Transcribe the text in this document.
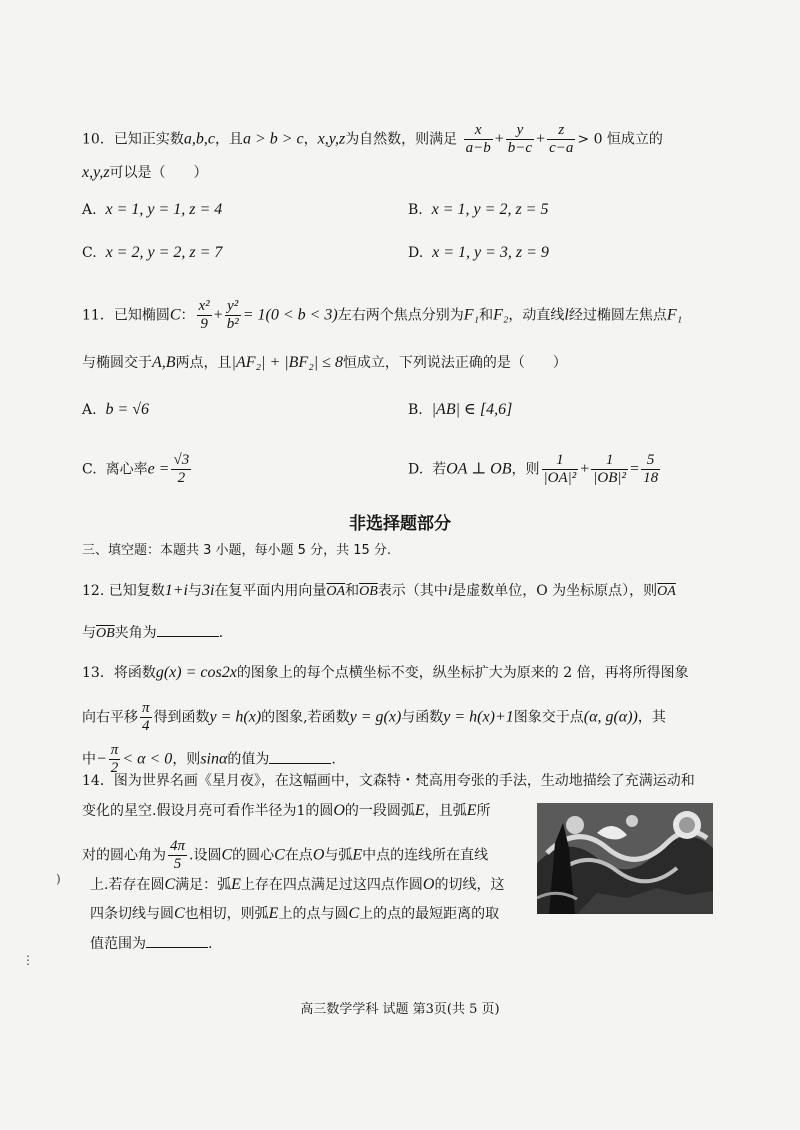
10．已知正实数a,b,c，且a > b > c，x,y,z为自然数，则满足 $\frac{x}{a-b} + \frac{y}{b-c} + \frac{z}{c-a} > 0$ 恒成立的
x,y,z可以是（　　）
A. x = 1, y = 1, z = 4	B. x = 1, y = 2, z = 5
C. x = 2, y = 2, z = 7	D. x = 1, y = 3, z = 9
11．已知椭圆C： $\frac{\text{x²}}{9} + \frac{\text{y²}}{\text{b²}} = 1(0 < b < 3)$左右两个焦点分别为F₁和F₂，动直线l经过椭圆左焦点F₁
与椭圆交于A,B两点，且|AF₂| + |BF₂| ≤ 8恒成立，下列说法正确的是（　　）
A. b = √6	B. |AB| ∈ [4,6]
C. 离心率$e = \frac{√3}{2}$	D. 若OA ⊥ OB，则 $\frac{1}{\text{|OA|²}} + \frac{1}{\text{|OB|²}} = \frac{5}{18}$
非选择题部分
三、填空题：本题共 3 小题，每小题 5 分，共 15 分.
12. 已知复数1+i与3i在复平面内用向量$\overline{OA}$和$\overline{OB}$表示（其中i是虚数单位，O 为坐标原点），则$\overline{OA}$
与$\overline{OB}$夹角为	.
13．将函数g(x) = cos2x的图象上的每个点横坐标不变，纵坐标扩大为原来的 2 倍，再将所得图象
向右平移 $\frac{\pi}{4}$ 得到函数y = h(x)的图象,若函数y = g(x)与函数y = h(x)+1图象交于点(α, g(α))，其
中− $\frac{\pi}{2} < \alpha < 0$，则sinα的值为	.
14．图为世界名画《星月夜》，在这幅画中，文森特・梵高用夸张的手法，生动地描绘了充满运动和
变化的星空.假设月亮可看作半径为1的圆O的一段圆弧E，且弧E所
对的圆心角为 $\frac{4\pi}{5}$ .设圆C的圆心C在点O与弧E中点的连线所在直线
上.若存在圆C满足：弧E上存在四点满足过这四点作圆O的切线，这
四条切线与圆C也相切，则弧E上的点与圆C上的点的最短距离的取
值范围为	.
)
⋮
高三数学学科 试题 第3页(共 5 页)
